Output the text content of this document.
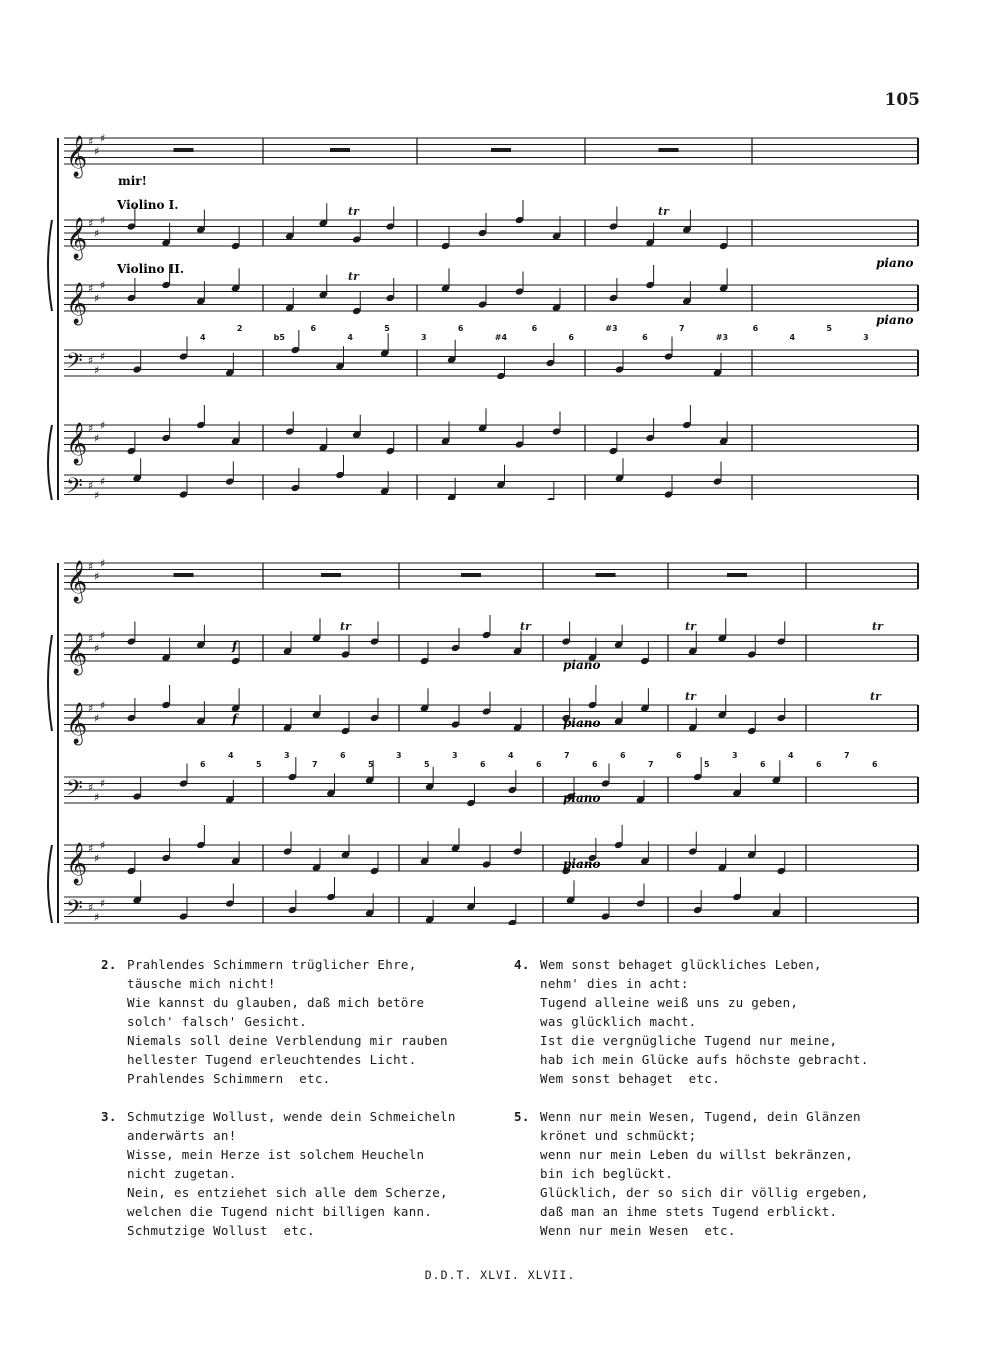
105
𝄞 ♯
♯
♯
𝄞 ♯
♯
♯
𝄞 ♯
♯
♯
𝄢 ♯
♯
♯
𝄞 ♯
♯
♯
𝄢 ♯
♯
♯
tr	tr
tr
mir!
Violino I.
Violino II.	piano
piano
4
2
b5
6
4
5
3
6
#4
6
6
#3
6
7
#3
6
4
5
3
𝄞 ♯
♯
♯
𝄞 ♯
♯
♯
𝄞 ♯
♯
♯
𝄢 ♯
♯
♯
𝄞 ♯
♯
♯
𝄢 ♯
♯
♯
tr	tr	tr	tr
tr	tr
f
f
piano
piano
piano
piano
6
4
5
3
7
6
5
3
5
3
6
4
6
7
6
6
7
6
5
3
6
4
6
7
6
2. Prahlendes Schimmern trüglicher Ehre,
täusche mich nicht!
Wie kannst du glauben, daß mich betöre
solch' falsch' Gesicht.
Niemals soll deine Verblendung mir rauben
hellester Tugend erleuchtendes Licht.
Prahlendes Schimmern  etc.
3. Schmutzige Wollust, wende dein Schmeicheln
anderwärts an!
Wisse, mein Herze ist solchem Heucheln
nicht zugetan.
Nein, es entziehet sich alle dem Scherze,
welchen die Tugend nicht billigen kann.
Schmutzige Wollust  etc.
4. Wem sonst behaget glückliches Leben,
nehm' dies in acht:
Tugend alleine weiß uns zu geben,
was glücklich macht.
Ist die vergnügliche Tugend nur meine,
hab ich mein Glücke aufs höchste gebracht.
Wem sonst behaget  etc.
5. Wenn nur mein Wesen, Tugend, dein Glänzen
krönet und schmückt;
wenn nur mein Leben du willst bekränzen,
bin ich beglückt.
Glücklich, der so sich dir völlig ergeben,
daß man an ihme stets Tugend erblickt.
Wenn nur mein Wesen  etc.
D.D.T. XLVI. XLVII.
